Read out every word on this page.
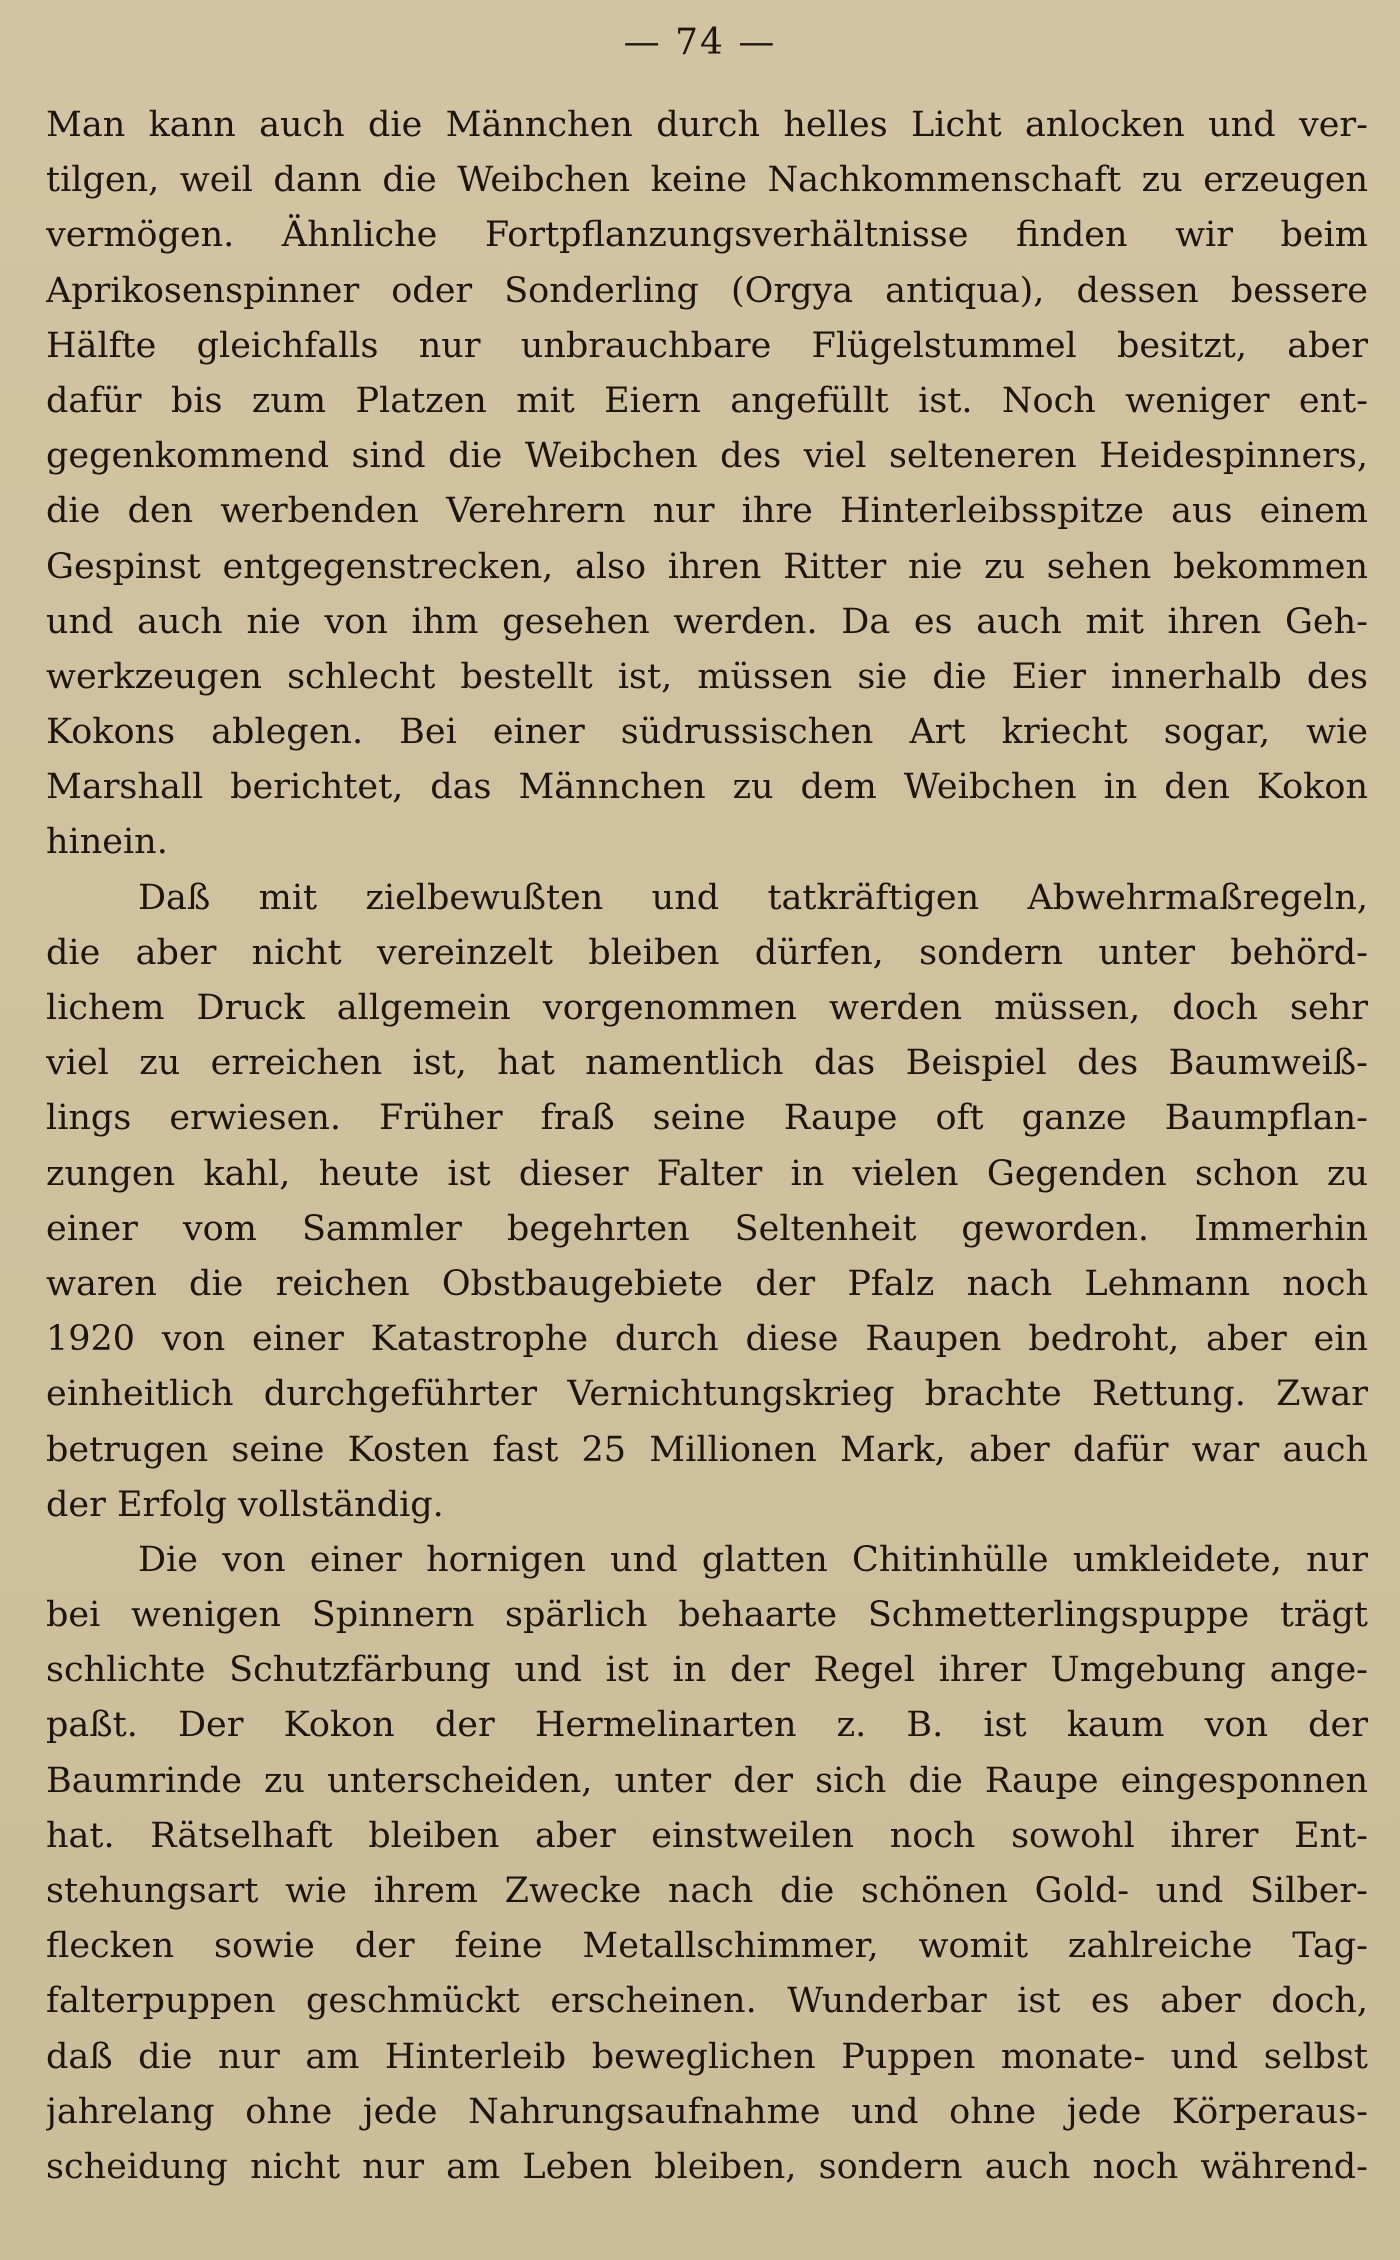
— 74 —
Man kann auch die Männchen durch helles Licht anlocken und ver-
tilgen, weil dann die Weibchen keine Nachkommenschaft zu erzeugen
vermögen. Ähnliche Fortpflanzungsverhältnisse finden wir beim
Aprikosenspinner oder Sonderling (Orgya antiqua), dessen bessere
Hälfte gleichfalls nur unbrauchbare Flügelstummel besitzt, aber
dafür bis zum Platzen mit Eiern angefüllt ist. Noch weniger ent-
gegenkommend sind die Weibchen des viel selteneren Heidespinners,
die den werbenden Verehrern nur ihre Hinterleibsspitze aus einem
Gespinst entgegenstrecken, also ihren Ritter nie zu sehen bekommen
und auch nie von ihm gesehen werden. Da es auch mit ihren Geh-
werkzeugen schlecht bestellt ist, müssen sie die Eier innerhalb des
Kokons ablegen. Bei einer südrussischen Art kriecht sogar, wie
Marshall berichtet, das Männchen zu dem Weibchen in den Kokon
hinein.
Daß mit zielbewußten und tatkräftigen Abwehrmaßregeln,
die aber nicht vereinzelt bleiben dürfen, sondern unter behörd-
lichem Druck allgemein vorgenommen werden müssen, doch sehr
viel zu erreichen ist, hat namentlich das Beispiel des Baumweiß-
lings erwiesen. Früher fraß seine Raupe oft ganze Baumpflan-
zungen kahl, heute ist dieser Falter in vielen Gegenden schon zu
einer vom Sammler begehrten Seltenheit geworden. Immerhin
waren die reichen Obstbaugebiete der Pfalz nach Lehmann noch
1920 von einer Katastrophe durch diese Raupen bedroht, aber ein
einheitlich durchgeführter Vernichtungskrieg brachte Rettung. Zwar
betrugen seine Kosten fast 25 Millionen Mark, aber dafür war auch
der Erfolg vollständig.
Die von einer hornigen und glatten Chitinhülle umkleidete, nur
bei wenigen Spinnern spärlich behaarte Schmetterlingspuppe trägt
schlichte Schutzfärbung und ist in der Regel ihrer Umgebung ange-
paßt. Der Kokon der Hermelinarten z. B. ist kaum von der
Baumrinde zu unterscheiden, unter der sich die Raupe eingesponnen
hat. Rätselhaft bleiben aber einstweilen noch sowohl ihrer Ent-
stehungsart wie ihrem Zwecke nach die schönen Gold- und Silber-
flecken sowie der feine Metallschimmer, womit zahlreiche Tag-
falterpuppen geschmückt erscheinen. Wunderbar ist es aber doch,
daß die nur am Hinterleib beweglichen Puppen monate- und selbst
jahrelang ohne jede Nahrungsaufnahme und ohne jede Körperaus-
scheidung nicht nur am Leben bleiben, sondern auch noch während-
